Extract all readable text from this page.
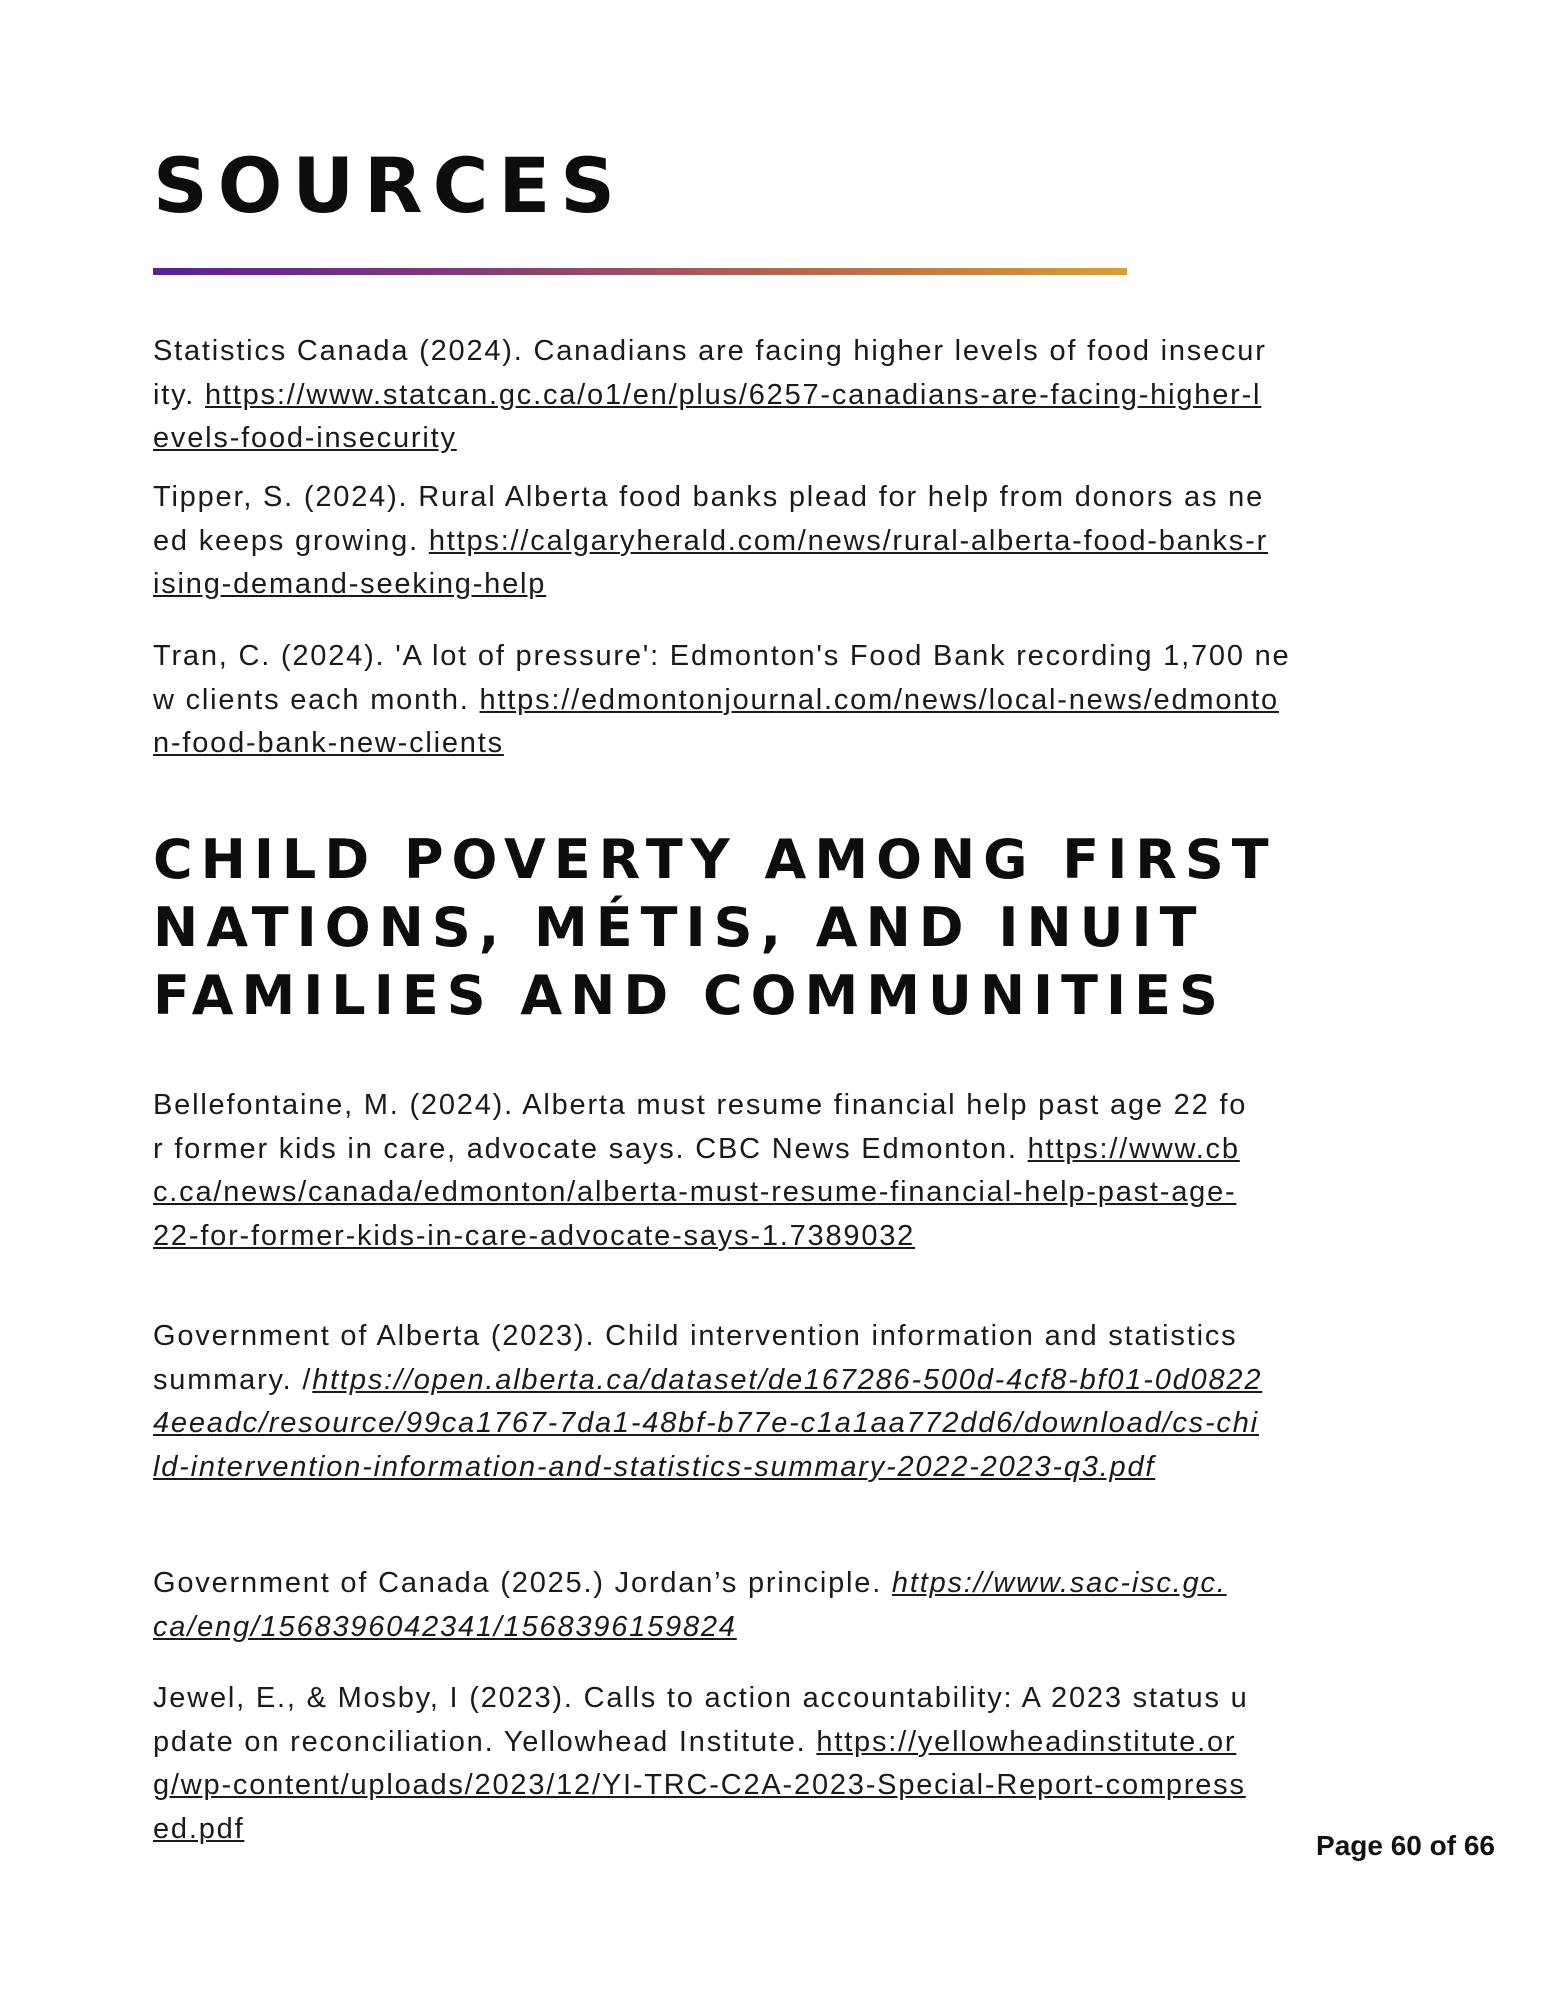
SOURCES

Statistics Canada (2024). Canadians are facing higher levels of food insecurity. https://www.statcan.gc.ca/o1/en/plus/6257-canadians-are-facing-higher-levels-food-insecurity

Tipper, S. (2024). Rural Alberta food banks plead for help from donors as need keeps growing. https://calgaryherald.com/news/rural-alberta-food-banks-rising-demand-seeking-help

Tran, C. (2024). 'A lot of pressure': Edmonton's Food Bank recording 1,700 new clients each month. https://edmontonjournal.com/news/local-news/edmonton-food-bank-new-clients

CHILD POVERTY AMONG FIRST NATIONS, MÉTIS, AND INUIT FAMILIES AND COMMUNITIES

Bellefontaine, M. (2024). Alberta must resume financial help past age 22 for former kids in care, advocate says. CBC News Edmonton. https://www.cbc.ca/news/canada/edmonton/alberta-must-resume-financial-help-past-age-22-for-former-kids-in-care-advocate-says-1.7389032

Government of Alberta (2023). Child intervention information and statistics summary. /https://open.alberta.ca/dataset/de167286-500d-4cf8-bf01-0d08224eeadc/resource/99ca1767-7da1-48bf-b77e-c1a1aa772dd6/download/cs-child-intervention-information-and-statistics-summary-2022-2023-q3.pdf

Government of Canada (2025.) Jordan’s principle. https://www.sac-isc.gc.ca/eng/1568396042341/1568396159824

Jewel, E., & Mosby, I (2023). Calls to action accountability: A 2023 status update on reconciliation. Yellowhead Institute. https://yellowheadinstitute.org/wp-content/uploads/2023/12/YI-TRC-C2A-2023-Special-Report-compressed.pdf

Page 60 of 66
